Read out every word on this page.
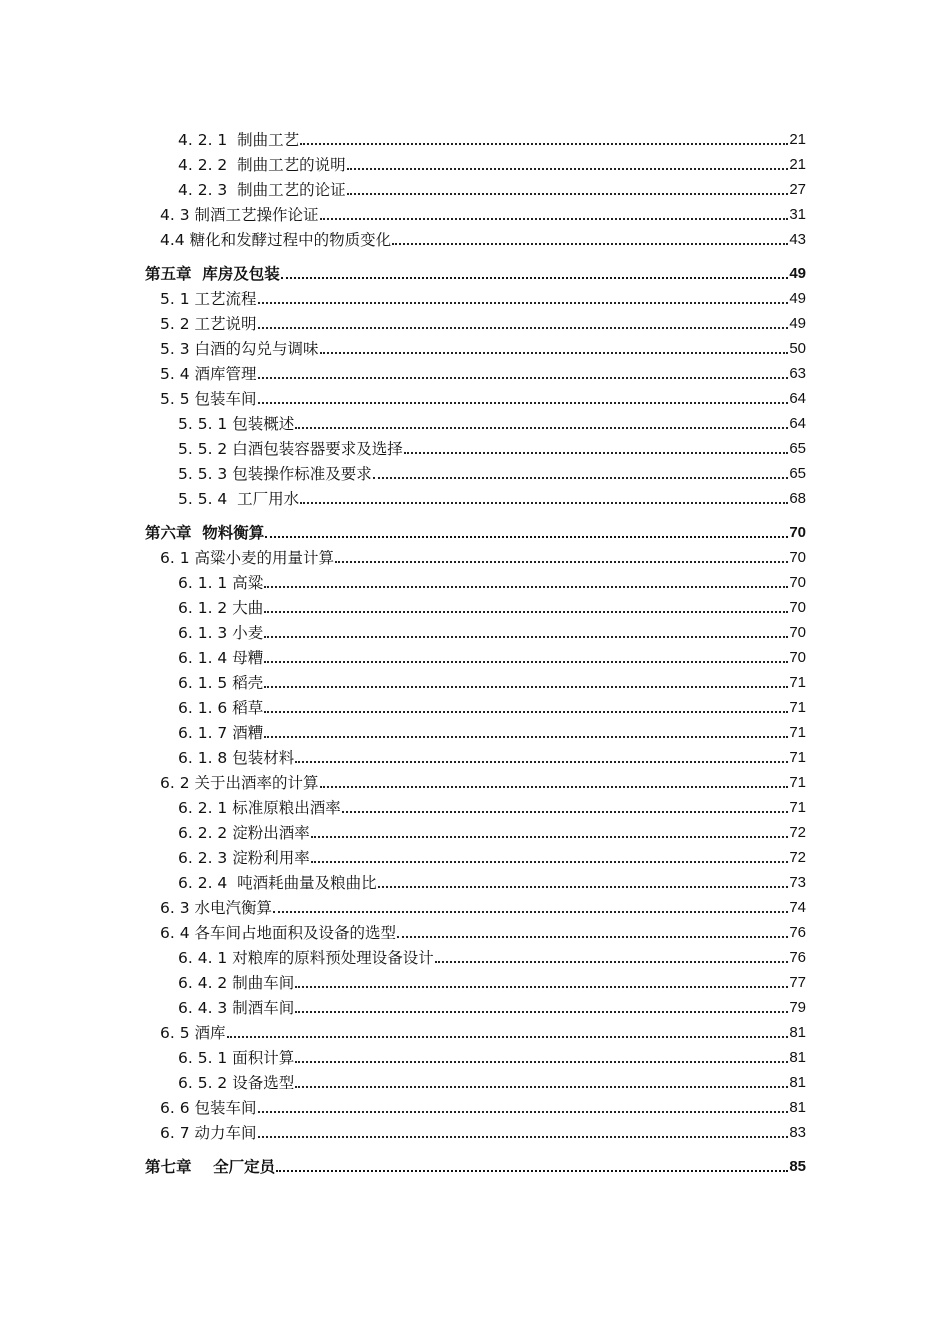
4. 2. 1  制曲工艺	21
4. 2. 2  制曲工艺的说明	21
4. 2. 3  制曲工艺的论证	27
4. 3 制酒工艺操作论证	31
4.4 糖化和发酵过程中的物质变化	43
第五章  库房及包装	49
5. 1 工艺流程	49
5. 2 工艺说明	49
5. 3 白酒的勾兑与调味	50
5. 4 酒库管理	63
5. 5 包装车间	64
5. 5. 1 包装概述	64
5. 5. 2 白酒包装容器要求及选择	65
5. 5. 3 包装操作标准及要求	65
5. 5. 4  工厂用水	68
第六章  物料衡算	70
6. 1 高粱小麦的用量计算	70
6. 1. 1 高粱	70
6. 1. 2 大曲	70
6. 1. 3 小麦	70
6. 1. 4 母糟	70
6. 1. 5 稻壳	71
6. 1. 6 稻草	71
6. 1. 7 酒糟	71
6. 1. 8 包装材料	71
6. 2 关于出酒率的计算	71
6. 2. 1 标准原粮出酒率	71
6. 2. 2 淀粉出酒率	72
6. 2. 3 淀粉利用率	72
6. 2. 4  吨酒耗曲量及粮曲比	73
6. 3 水电汽衡算	74
6. 4 各车间占地面积及设备的选型	76
6. 4. 1 对粮库的原料预处理设备设计	76
6. 4. 2 制曲车间	77
6. 4. 3 制酒车间	79
6. 5 酒库	81
6. 5. 1 面积计算	81
6. 5. 2 设备选型	81
6. 6 包装车间	81
6. 7 动力车间	83
第七章    全厂定员	85
